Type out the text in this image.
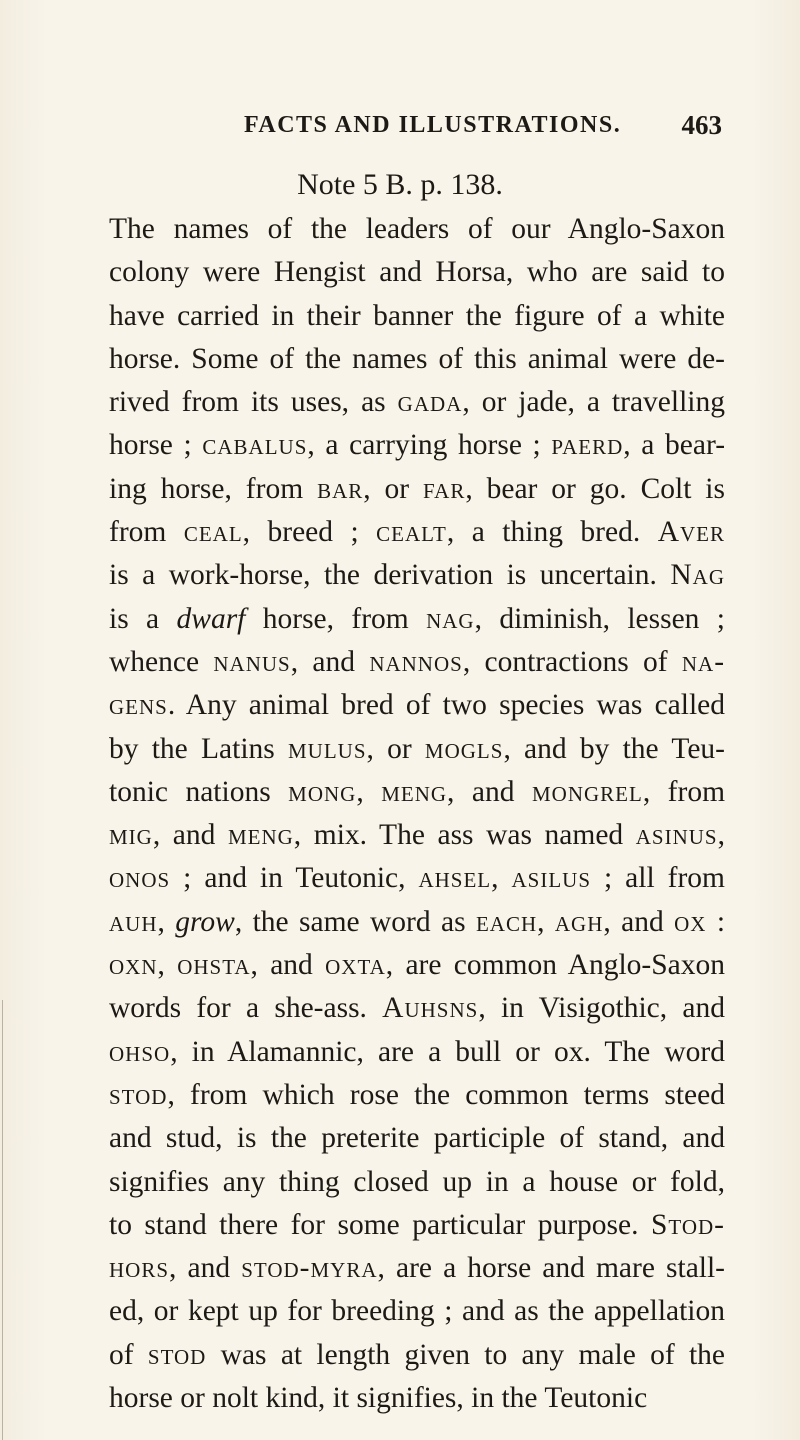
FACTS AND ILLUSTRATIONS. 463
Note 5 B. p. 138.
The names of the leaders of our Anglo-Saxon
colony were Hengist and Horsa, who are said to
have carried in their banner the figure of a white
horse. Some of the names of this animal were de-
rived from its uses, as gada, or jade, a travelling
horse ; cabalus, a carrying horse ; paerd, a bear-
ing horse, from bar, or far, bear or go. Colt is
from ceal, breed ; cealt, a thing bred. Aver
is a work-horse, the derivation is uncertain. Nag
is a dwarf horse, from nag, diminish, lessen ;
whence nanus, and nannos, contractions of na-
gens. Any animal bred of two species was called
by the Latins mulus, or mogls, and by the Teu-
tonic nations mong, meng, and mongrel, from
mig, and meng, mix. The ass was named asinus,
onos ; and in Teutonic, ahsel, asilus ; all from
auh, grow, the same word as each, agh, and ox :
oxn, ohsta, and oxta, are common Anglo-Saxon
words for a she-ass. Auhsns, in Visigothic, and
ohso, in Alamannic, are a bull or ox. The word
stod, from which rose the common terms steed
and stud, is the preterite participle of stand, and
signifies any thing closed up in a house or fold,
to stand there for some particular purpose. Stod-
hors, and stod-myra, are a horse and mare stall-
ed, or kept up for breeding ; and as the appellation
of stod was at length given to any male of the
horse or nolt kind, it signifies, in the Teutonic
